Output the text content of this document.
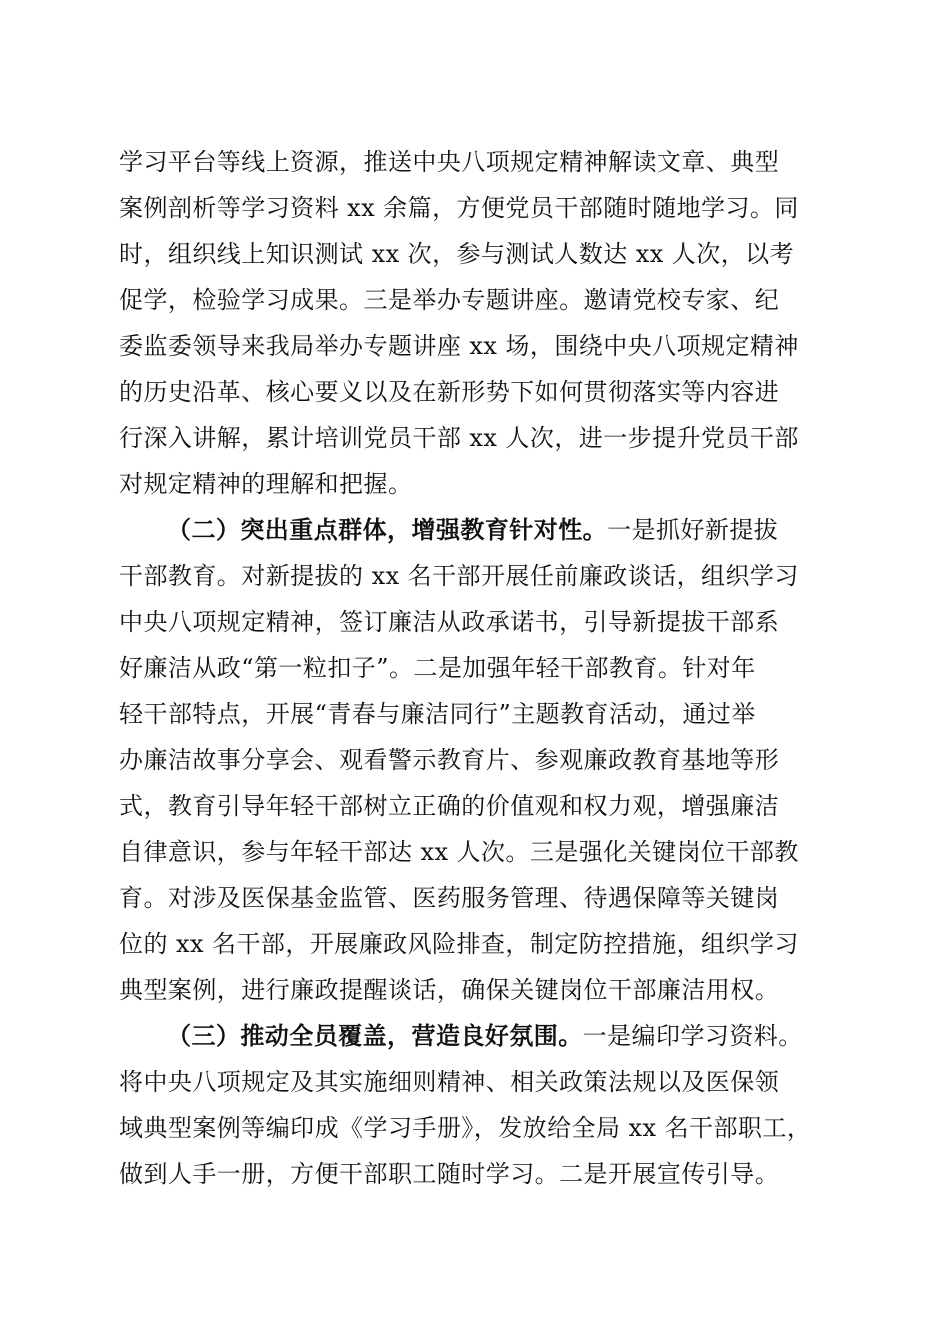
学习平台等线上资源，推送中央八项规定精神解读文章、典型
案例剖析等学习资料 xx 余篇，方便党员干部随时随地学习。同
时，组织线上知识测试 xx 次，参与测试人数达 xx 人次，以考
促学，检验学习成果。三是举办专题讲座。邀请党校专家、纪
委监委领导来我局举办专题讲座 xx 场，围绕中央八项规定精神
的历史沿革、核心要义以及在新形势下如何贯彻落实等内容进
行深入讲解，累计培训党员干部 xx 人次，进一步提升党员干部
对规定精神的理解和把握。
（二）突出重点群体，增强教育针对性。一是抓好新提拔
干部教育。对新提拔的 xx 名干部开展任前廉政谈话，组织学习
中央八项规定精神，签订廉洁从政承诺书，引导新提拔干部系
好廉洁从政“第一粒扣子”。二是加强年轻干部教育。针对年
轻干部特点，开展“青春与廉洁同行”主题教育活动，通过举
办廉洁故事分享会、观看警示教育片、参观廉政教育基地等形
式，教育引导年轻干部树立正确的价值观和权力观，增强廉洁
自律意识，参与年轻干部达 xx 人次。三是强化关键岗位干部教
育。对涉及医保基金监管、医药服务管理、待遇保障等关键岗
位的 xx 名干部，开展廉政风险排查，制定防控措施，组织学习
典型案例，进行廉政提醒谈话，确保关键岗位干部廉洁用权。
（三）推动全员覆盖，营造良好氛围。一是编印学习资料。
将中央八项规定及其实施细则精神、相关政策法规以及医保领
域典型案例等编印成《学习手册》，发放给全局 xx 名干部职工，
做到人手一册，方便干部职工随时学习。二是开展宣传引导。
